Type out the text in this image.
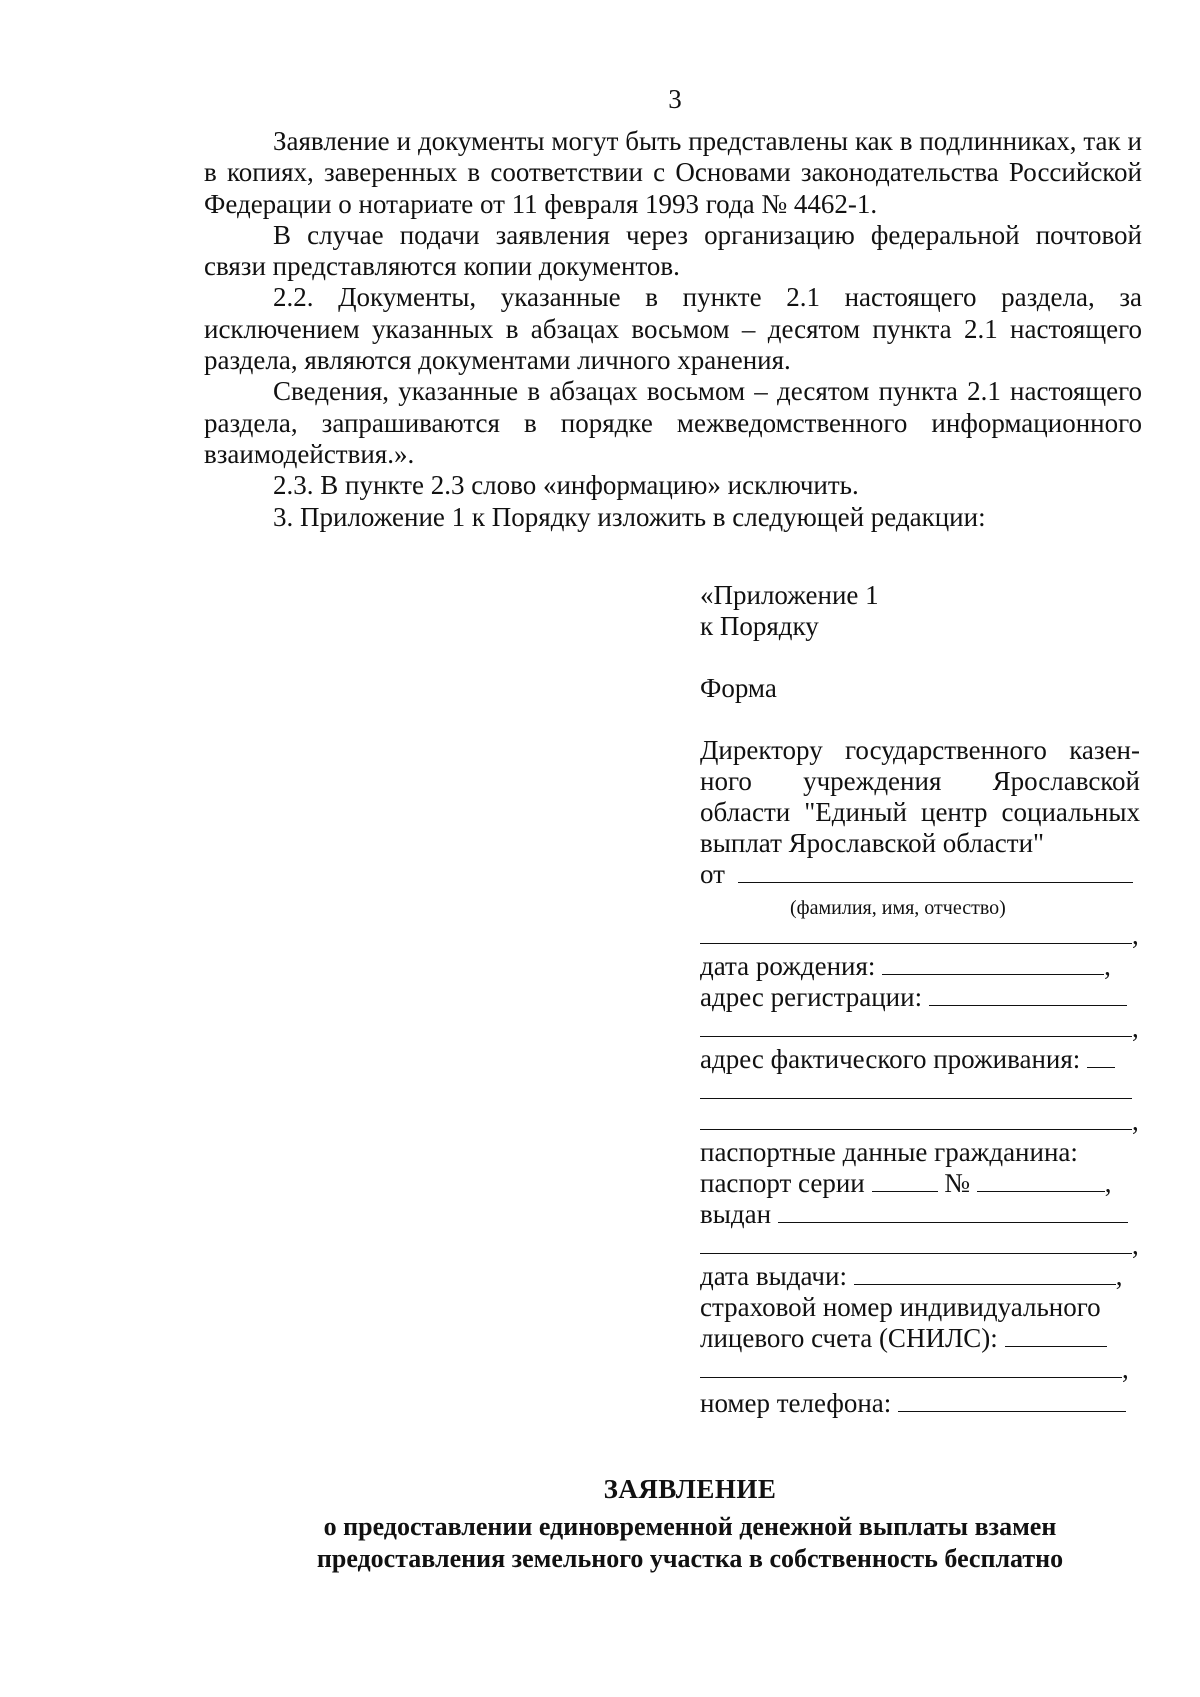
3

Заявление и документы могут быть представлены как в подлинниках, так и в копиях, заверенных в соответствии с Основами законодательства Российской Федерации о нотариате от 11 февраля 1993 года № 4462-1.

В случае подачи заявления через организацию федеральной почтовой связи представляются копии документов.

2.2. Документы, указанные в пункте 2.1 настоящего раздела, за исключением указанных в абзацах восьмом – десятом пункта 2.1 настоящего раздела, являются документами личного хранения.

Сведения, указанные в абзацах восьмом – десятом пункта 2.1 настоящего раздела, запрашиваются в порядке межведомственного информационного взаимодействия.».

2.3. В пункте 2.3 слово «информацию» исключить.

3. Приложение 1 к Порядку изложить в следующей редакции:

«Приложение 1
к Порядку
Форма
Директору государственного казен-
ного учреждения Ярославской
области "Единый центр социальных
выплат Ярославской области"
от
(фамилия, имя, отчество)
,
дата рождения:	,
адрес регистрации:
,
адрес фактического проживания:
,
паспортные данные гражданина:
паспорт серии	№	,
выдан
,
дата выдачи:	,
страховой номер индивидуального
лицевого счета (СНИЛС):
,
номер телефона:
ЗАЯВЛЕНИЕ
о предоставлении единовременной денежной выплаты взамен
предоставления земельного участка в собственность бесплатно
